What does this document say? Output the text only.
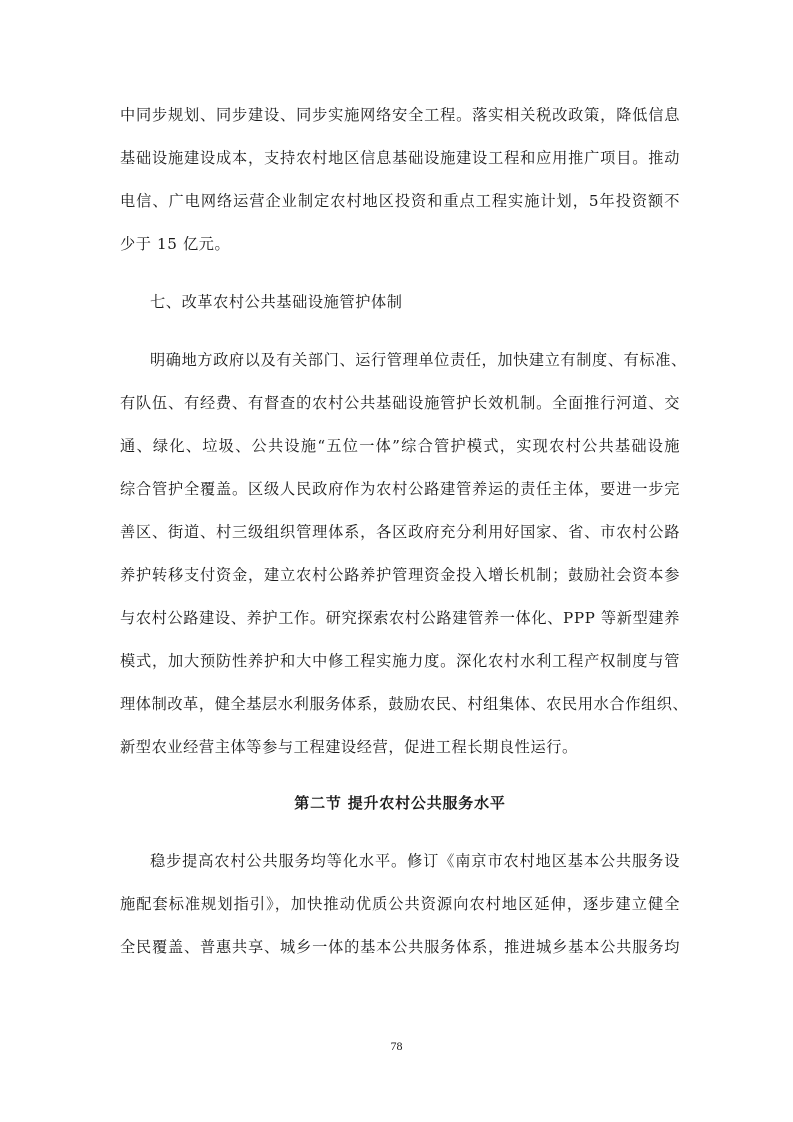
中同步规划、同步建设、同步实施网络安全工程。落实相关税改政策，降低信息
基础设施建设成本，支持农村地区信息基础设施建设工程和应用推广项目。推动
电信、广电网络运营企业制定农村地区投资和重点工程实施计划，5年投资额不
少于 15 亿元。
七、改革农村公共基础设施管护体制
明确地方政府以及有关部门、运行管理单位责任，加快建立有制度、有标准、
有队伍、有经费、有督查的农村公共基础设施管护长效机制。全面推行河道、交
通、绿化、垃圾、公共设施“五位一体”综合管护模式，实现农村公共基础设施
综合管护全覆盖。区级人民政府作为农村公路建管养运的责任主体，要进一步完
善区、街道、村三级组织管理体系，各区政府充分利用好国家、省、市农村公路
养护转移支付资金，建立农村公路养护管理资金投入增长机制；鼓励社会资本参
与农村公路建设、养护工作。研究探索农村公路建管养一体化、PPP 等新型建养
模式，加大预防性养护和大中修工程实施力度。深化农村水利工程产权制度与管
理体制改革，健全基层水利服务体系，鼓励农民、村组集体、农民用水合作组织、
新型农业经营主体等参与工程建设经营，促进工程长期良性运行。
第二节 提升农村公共服务水平
稳步提高农村公共服务均等化水平。修订《南京市农村地区基本公共服务设
施配套标准规划指引》，加快推动优质公共资源向农村地区延伸，逐步建立健全
全民覆盖、普惠共享、城乡一体的基本公共服务体系，推进城乡基本公共服务均
78
